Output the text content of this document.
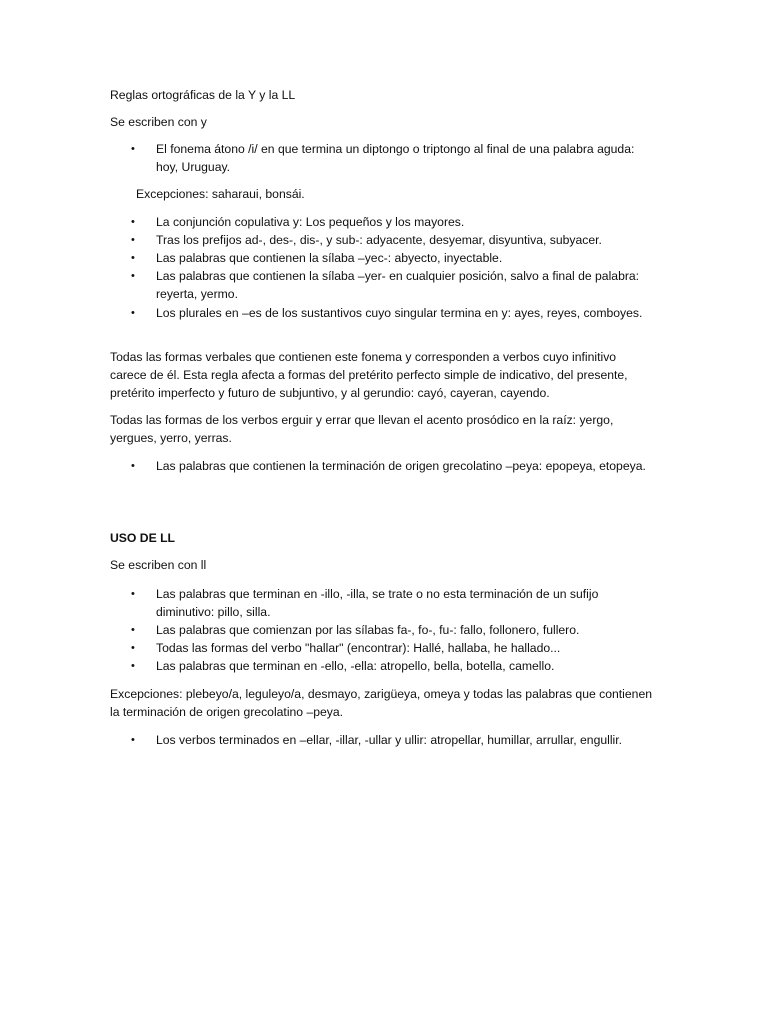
Reglas ortográficas de la Y y la LL
Se escriben con y
• El fonema átono /i/ en que termina un diptongo o triptongo al final de una palabra aguda: hoy, Uruguay.
Excepciones: saharaui, bonsái.
• La conjunción copulativa y: Los pequeños y los mayores.
• Tras los prefijos ad-, des-, dis-, y sub-: adyacente, desyemar, disyuntiva, subyacer.
• Las palabras que contienen la sílaba –yec-: abyecto, inyectable.
• Las palabras que contienen la sílaba –yer- en cualquier posición, salvo a final de palabra: reyerta, yermo.
• Los plurales en –es de los sustantivos cuyo singular termina en y: ayes, reyes, comboyes.
Todas las formas verbales que contienen este fonema y corresponden a verbos cuyo infinitivo carece de él. Esta regla afecta a formas del pretérito perfecto simple de indicativo, del presente, pretérito imperfecto y futuro de subjuntivo, y al gerundio: cayó, cayeran, cayendo.
Todas las formas de los verbos erguir y errar que llevan el acento prosódico en la raíz: yergo, yergues, yerro, yerras.
• Las palabras que contienen la terminación de origen grecolatino –peya: epopeya, etopeya.
USO DE LL
Se escriben con ll
• Las palabras que terminan en -illo, -illa, se trate o no esta terminación de un sufijo diminutivo: pillo, silla.
• Las palabras que comienzan por las sílabas fa-, fo-, fu-: fallo, follonero, fullero.
• Todas las formas del verbo "hallar" (encontrar): Hallé, hallaba, he hallado...
• Las palabras que terminan en -ello, -ella: atropello, bella, botella, camello.
Excepciones: plebeyo/a, leguleyo/a, desmayo, zarigüeya, omeya y todas las palabras que contienen la terminación de origen grecolatino –peya.
• Los verbos terminados en –ellar, -illar, -ullar y ullir: atropellar, humillar, arrullar, engullir.
